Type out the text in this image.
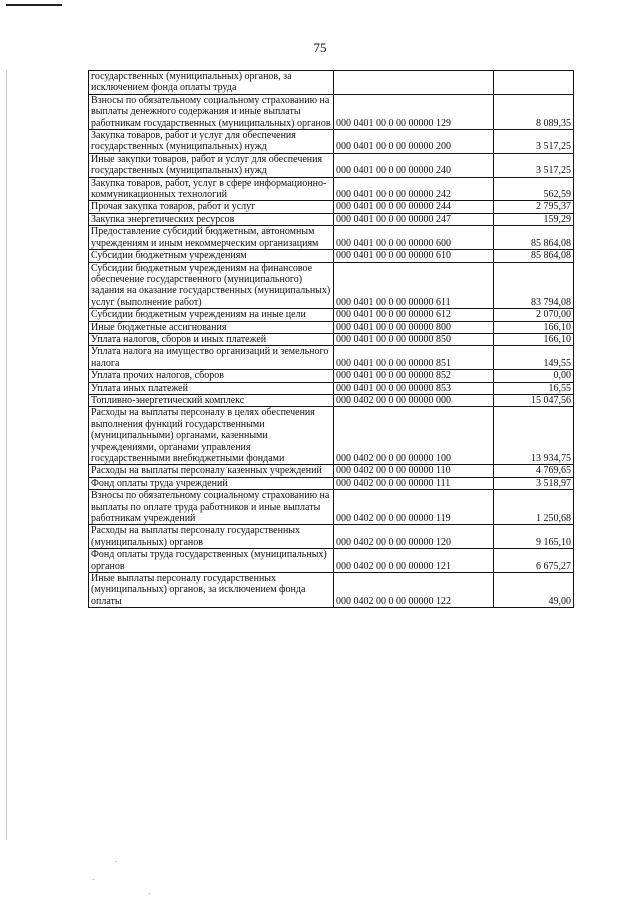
75
государственных (муниципальных) органов, за исключением фонда оплаты труда		
Взносы по обязательному социальному страхованию на выплаты денежного содержания и иные выплаты работникам государственных (муниципальных) органов	000 0401 00 0 00 00000 129	8 089,35
Закупка товаров, работ и услуг для обеспечения государственных (муниципальных) нужд	000 0401 00 0 00 00000 200	3 517,25
Иные закупки товаров, работ и услуг для обеспечения государственных (муниципальных) нужд	000 0401 00 0 00 00000 240	3 517,25
Закупка товаров, работ, услуг в сфере информационно-коммуникационных технологий	000 0401 00 0 00 00000 242	562,59
Прочая закупка товаров, работ и услуг	000 0401 00 0 00 00000 244	2 795,37
Закупка энергетических ресурсов	000 0401 00 0 00 00000 247	159,29
Предоставление субсидий бюджетным, автономным учреждениям и иным некоммерческим организациям	000 0401 00 0 00 00000 600	85 864,08
Субсидии бюджетным учреждениям	000 0401 00 0 00 00000 610	85 864,08
Субсидии бюджетным учреждениям на финансовое обеспечение государственного (муниципального) задания на оказание государственных (муниципальных) услуг (выполнение работ)	000 0401 00 0 00 00000 611	83 794,08
Субсидии бюджетным учреждениям на иные цели	000 0401 00 0 00 00000 612	2 070,00
Иные бюджетные ассигнования	000 0401 00 0 00 00000 800	166,10
Уплата налогов, сборов и иных платежей	000 0401 00 0 00 00000 850	166,10
Уплата налога на имущество организаций и земельного налога	000 0401 00 0 00 00000 851	149,55
Уплата прочих налогов, сборов	000 0401 00 0 00 00000 852	0,00
Уплата иных платежей	000 0401 00 0 00 00000 853	16,55
Топливно-энергетический комплекс	000 0402 00 0 00 00000 000	15 047,56
Расходы на выплаты персоналу в целях обеспечения выполнения функций государственными (муниципальными) органами, казенными учреждениями, органами управления государственными внебюджетными фондами	000 0402 00 0 00 00000 100	13 934,75
Расходы на выплаты персоналу казенных учреждений	000 0402 00 0 00 00000 110	4 769,65
Фонд оплаты труда учреждений	000 0402 00 0 00 00000 111	3 518,97
Взносы по обязательному социальному страхованию на выплаты по оплате труда работников и иные выплаты работникам учреждений	000 0402 00 0 00 00000 119	1 250,68
Расходы на выплаты персоналу государственных (муниципальных) органов	000 0402 00 0 00 00000 120	9 165,10
Фонд оплаты труда государственных (муниципальных) органов	000 0402 00 0 00 00000 121	6 675,27
Иные выплаты персоналу государственных (муниципальных) органов, за исключением фонда оплаты	000 0402 00 0 00 00000 122	49,00
·
·
·
